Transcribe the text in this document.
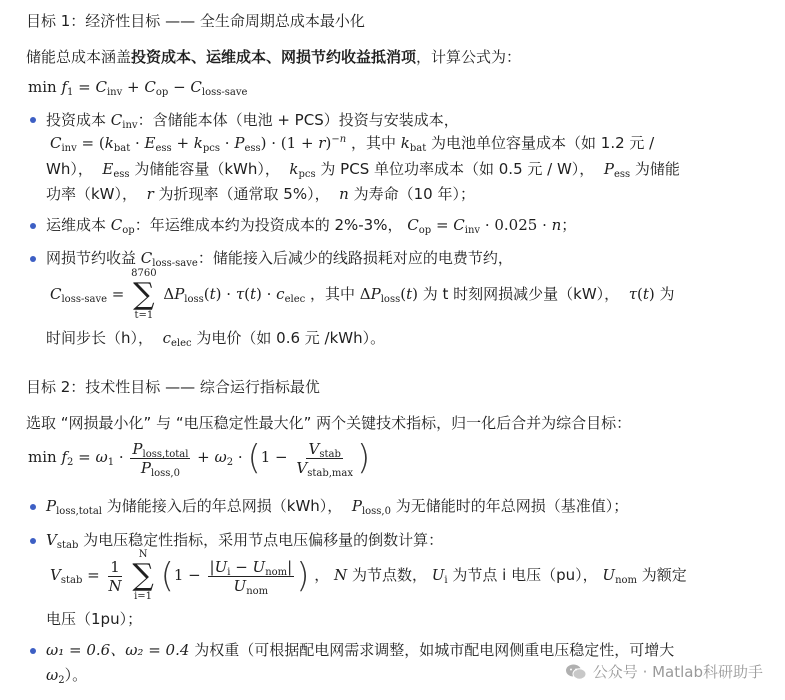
目标 1：经济性目标 —— 全生命周期总成本最小化
储能总成本涵盖投资成本、运维成本、网损节约收益抵消项，计算公式为：
$\min f_1 = C_{inv} + C_{op} - C_{loss-save}$
投资成本 $C_{inv}$：含储能本体（电池 + PCS）投资与安装成本，
$C_{inv} = (k_{bat} \cdot E_{ess} + k_{pcs} \cdot P_{ess}) \cdot (1 + r)^{-n}$ ，其中 $k_{bat}$ 为电池单位容量成本（如 1.2 元 /
Wh）， $E_{ess}$ 为储能容量（kWh）， $k_{pcs}$ 为 PCS 单位功率成本（如 0.5 元 / W）， $P_{ess}$ 为储能
功率（kW）， r 为折现率（通常取 5%）， n 为寿命（10 年）；
运维成本 $C_{op}$：年运维成本约为投资成本的 2%-3%， $C_{op} = C_{inv} \cdot 0.025 \cdot n$；
网损节约收益 $C_{loss-save}$：储能接入后减少的线路损耗对应的电费节约，
$C_{loss-save}$ =
8760
∑
t=1
$\Delta P_{loss}(t) \cdot \tau(t) \cdot c_{elec}$ ，其中 $\Delta P_{loss}(t)$ 为 t 时刻网损减少量（kW）， τ(t) 为
时间步长（h）， $c_{elec}$ 为电价（如 0.6 元 /kWh）。
目标 2：技术性目标 —— 综合运行指标最优
选取 “网损最小化” 与 “电压稳定性最大化” 两个关键技术指标，归一化后合并为综合目标：
$\min f_2 = \omega_1 \cdot \frac{P_{loss,total}}{P_{loss,0}} + \omega_2 \cdot (1 - \frac{V_{stab}}{V_{stab,max}}$ )
$P_{loss,total}$ 为储能接入后的年总网损（kWh）， $P_{loss,0}$ 为无储能时的年总网损（基准值）；
$V_{stab}$ 为电压稳定性指标，采用节点电压偏移量的倒数计算：
$V_{stab} = \frac{1}{N}$

N
∑
i=1
($1 - \frac{|U_i - U_{nom}|}{U_{nom}}$ ) ， N 为节点数， $U_i$ 为节点 i 电压（pu）， $U_{nom}$ 为额定
电压（1pu）；
ω₁ = 0.6、ω₂ = 0.4 为权重（可根据配电网需求调整，如城市配电网侧重电压稳定性，可增大
$\omega_2$）。	公众号 · Matlab科研助手
